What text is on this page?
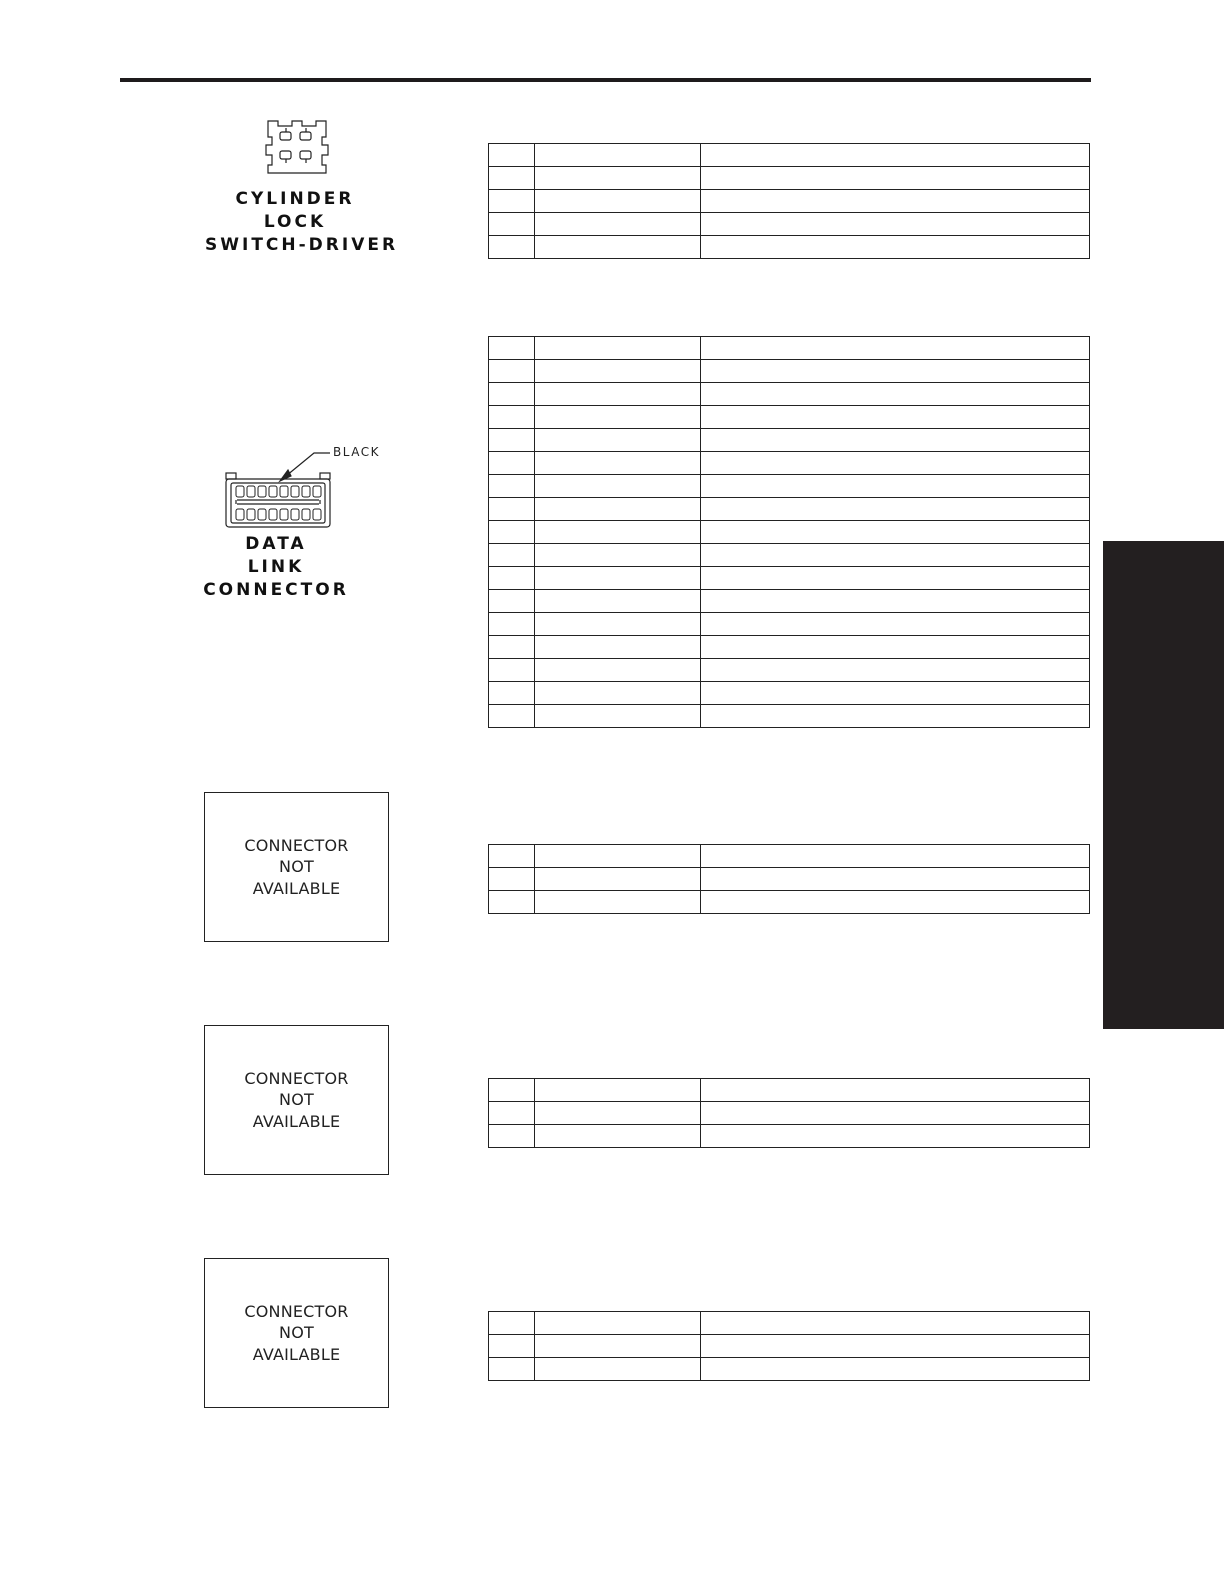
CYLINDER
LOCK
SWITCH-DRIVER

BLACK
DATA
LINK
CONNECTOR

CONNECTOR
NOT
AVAILABLE

CONNECTOR
NOT
AVAILABLE

CONNECTOR
NOT
AVAILABLE
